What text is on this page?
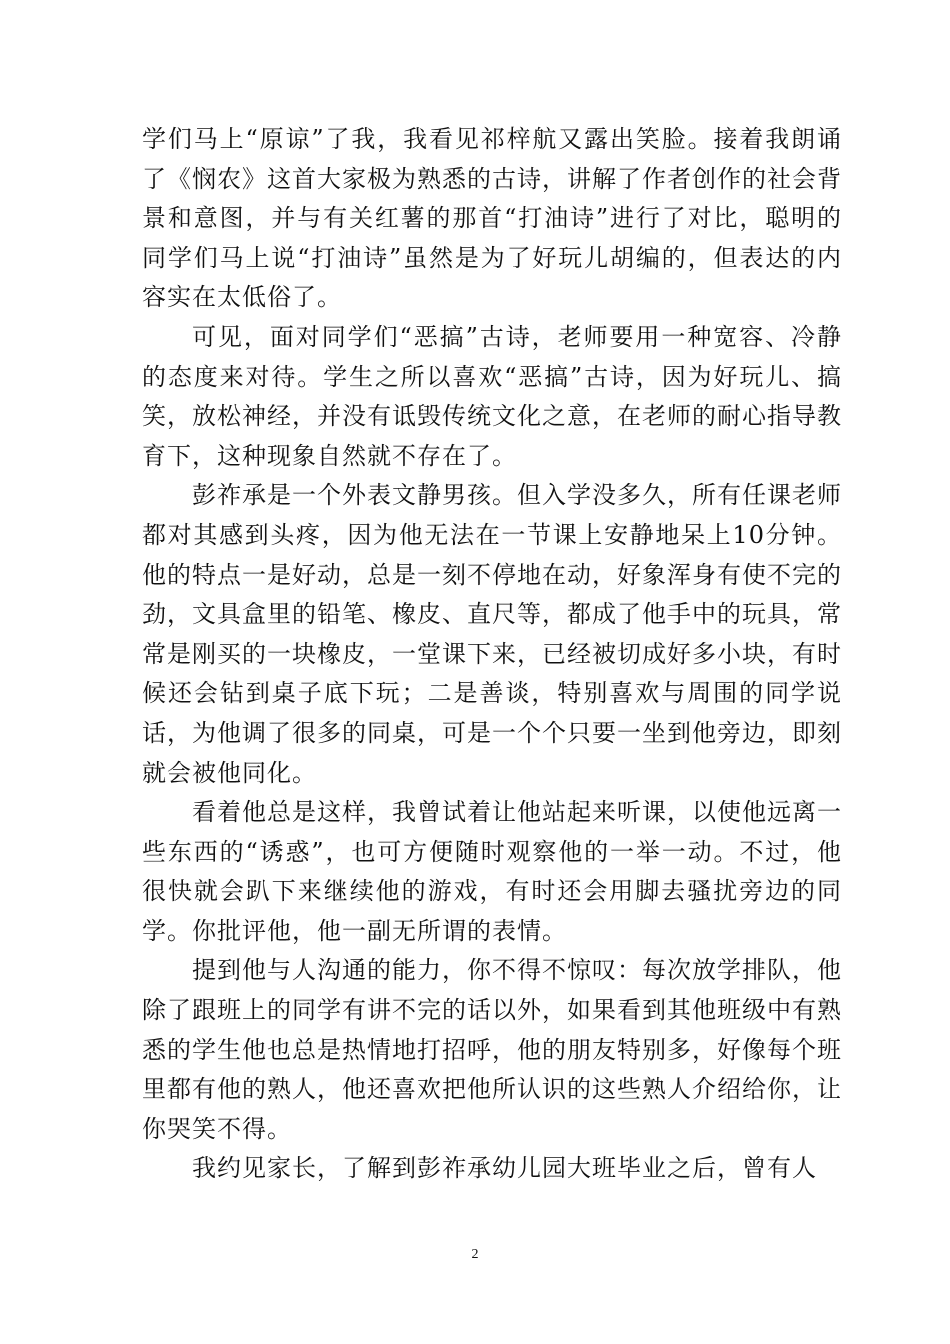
学们马上“原谅”了我，我看见祁梓航又露出笑脸。接着我朗诵了《悯农》这首大家极为熟悉的古诗，讲解了作者创作的社会背景和意图，并与有关红薯的那首“打油诗”进行了对比，聪明的同学们马上说“打油诗”虽然是为了好玩儿胡编的，但表达的内容实在太低俗了。

可见，面对同学们“恶搞”古诗，老师要用一种宽容、冷静的态度来对待。学生之所以喜欢“恶搞”古诗，因为好玩儿、搞笑，放松神经，并没有诋毁传统文化之意，在老师的耐心指导教育下，这种现象自然就不存在了。

彭祚承是一个外表文静男孩。但入学没多久，所有任课老师都对其感到头疼，因为他无法在一节课上安静地呆上10分钟。他的特点一是好动，总是一刻不停地在动，好象浑身有使不完的劲，文具盒里的铅笔、橡皮、直尺等，都成了他手中的玩具，常常是刚买的一块橡皮，一堂课下来，已经被切成好多小块，有时候还会钻到桌子底下玩；二是善谈，特别喜欢与周围的同学说话，为他调了很多的同桌，可是一个个只要一坐到他旁边，即刻就会被他同化。

看着他总是这样，我曾试着让他站起来听课，以使他远离一些东西的“诱惑”，也可方便随时观察他的一举一动。不过，他很快就会趴下来继续他的游戏，有时还会用脚去骚扰旁边的同学。你批评他，他一副无所谓的表情。

提到他与人沟通的能力，你不得不惊叹：每次放学排队，他除了跟班上的同学有讲不完的话以外，如果看到其他班级中有熟悉的学生他也总是热情地打招呼，他的朋友特别多，好像每个班里都有他的熟人，他还喜欢把他所认识的这些熟人介绍给你，让你哭笑不得。

我约见家长，了解到彭祚承幼儿园大班毕业之后，曾有人

2
